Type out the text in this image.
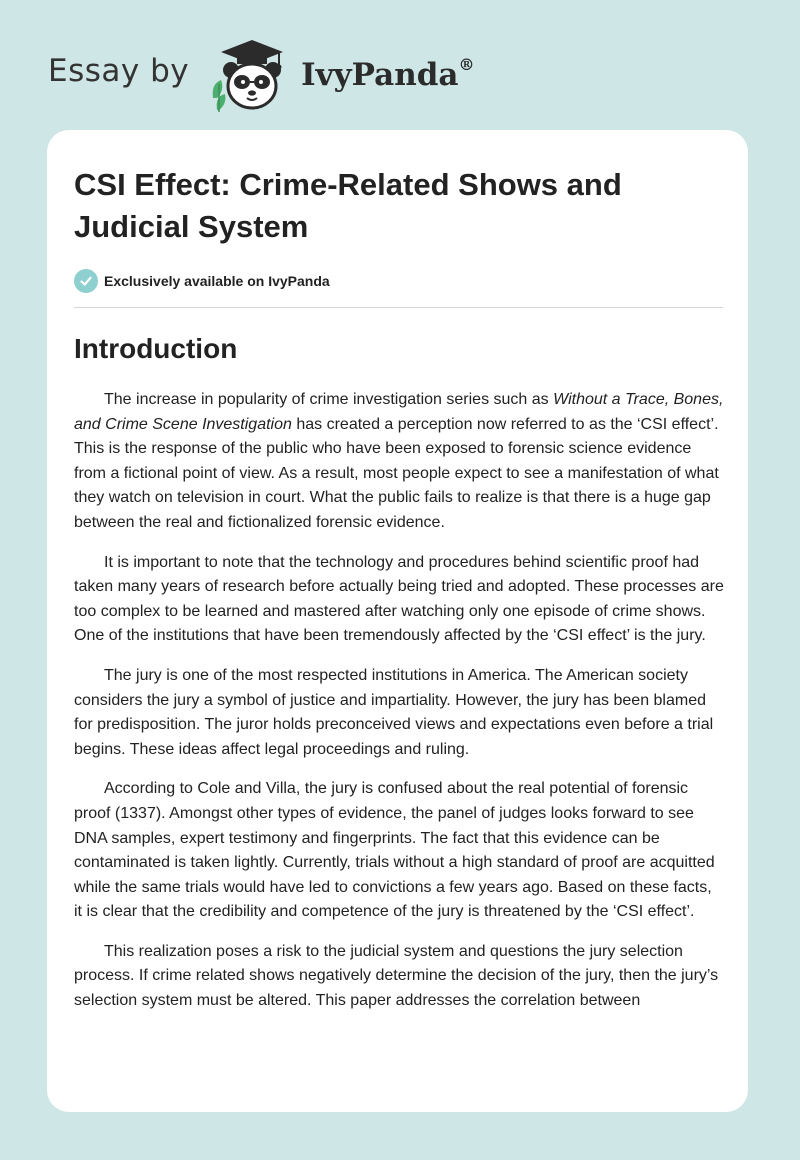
Essay by	IvyPanda®
CSI Effect: Crime-Related Shows and
Judicial System
Exclusively available on IvyPanda
Introduction

The increase in popularity of crime investigation series such as Without a Trace, Bones, and Crime Scene Investigation has created a perception now referred to as the ‘CSI effect’. This is the response of the public who have been exposed to forensic science evidence from a fictional point of view. As a result, most people expect to see a manifestation of what they watch on television in court. What the public fails to realize is that there is a huge gap between the real and fictionalized forensic evidence.

It is important to note that the technology and procedures behind scientific proof had taken many years of research before actually being tried and adopted. These processes are too complex to be learned and mastered after watching only one episode of crime shows. One of the institutions that have been tremendously affected by the ‘CSI effect’ is the jury.

The jury is one of the most respected institutions in America. The American society considers the jury a symbol of justice and impartiality. However, the jury has been blamed for predisposition. The juror holds preconceived views and expectations even before a trial begins. These ideas affect legal proceedings and ruling.

According to Cole and Villa, the jury is confused about the real potential of forensic proof (1337). Amongst other types of evidence, the panel of judges looks forward to see DNA samples, expert testimony and fingerprints. The fact that this evidence can be contaminated is taken lightly. Currently, trials without a high standard of proof are acquitted while the same trials would have led to convictions a few years ago. Based on these facts, it is clear that the credibility and competence of the jury is threatened by the ‘CSI effect’.

This realization poses a risk to the judicial system and questions the jury selection process. If crime related shows negatively determine the decision of the jury, then the jury’s selection system must be altered. This paper addresses the correlation between
